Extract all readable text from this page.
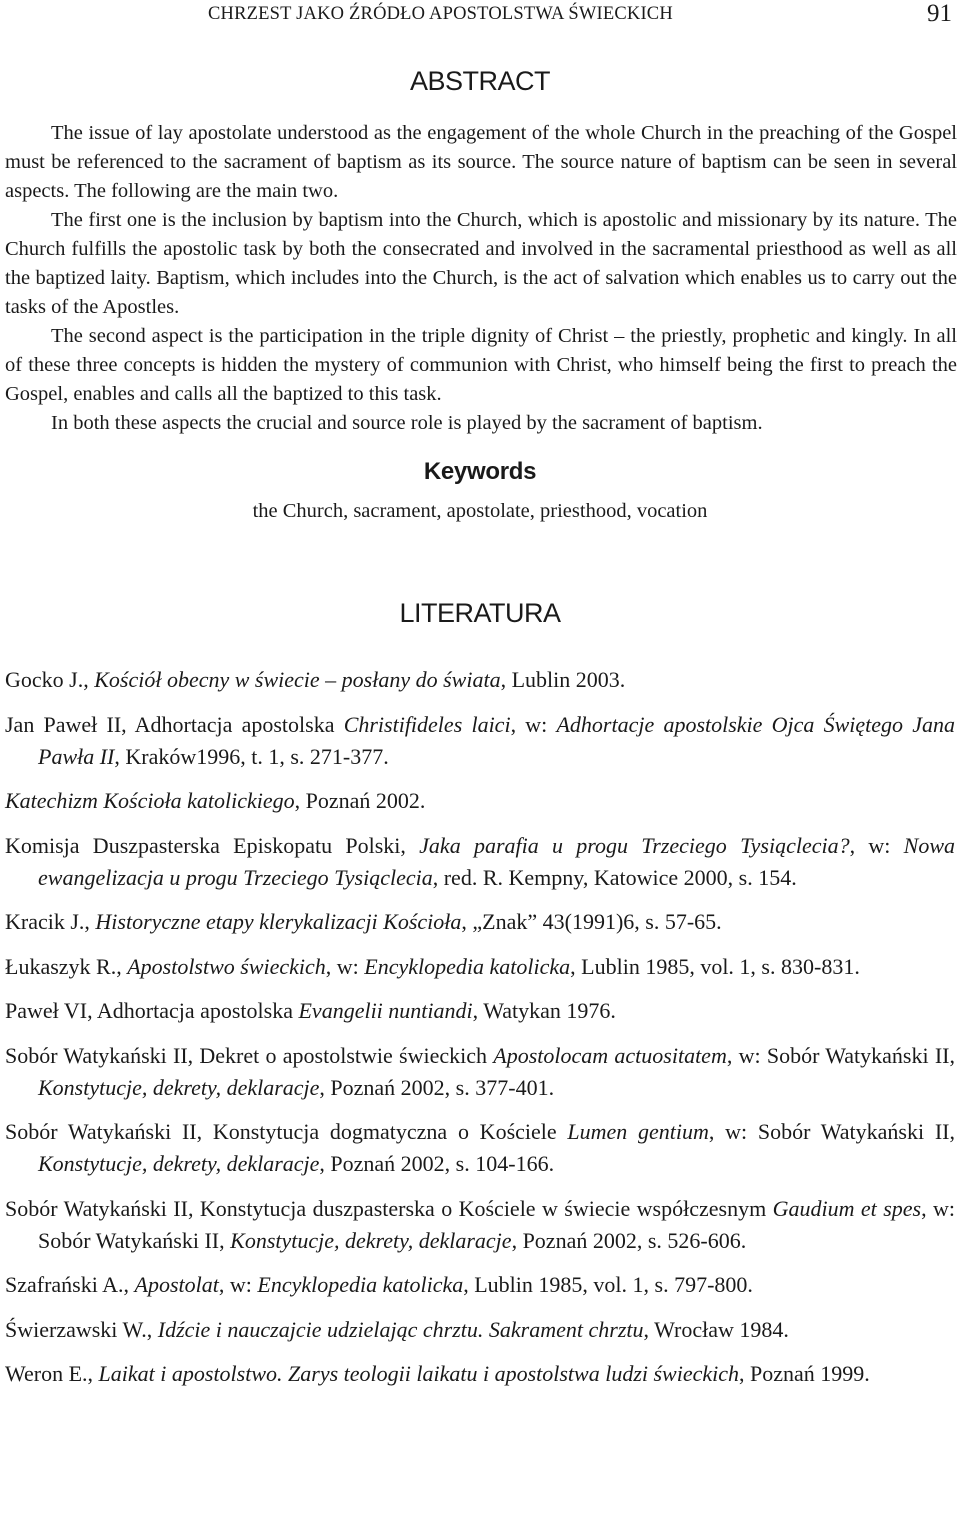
CHRZEST JAKO ŹRÓDŁO APOSTOLSTWA ŚWIECKICH	91
ABSTRACT

The issue of lay apostolate understood as the engagement of the whole Church in the preaching of the Gospel must be referenced to the sacrament of baptism as its source. The source nature of baptism can be seen in several aspects. The following are the main two.

The first one is the inclusion by baptism into the Church, which is apostolic and missionary by its nature. The Church fulfills the apostolic task by both the consecrated and involved in the sacramental priesthood as well as all the baptized laity. Baptism, which includes into the Church, is the act of salvation which enables us to carry out the tasks of the Apostles.

The second aspect is the participation in the triple dignity of Christ – the priestly, prophetic and kingly. In all of these three concepts is hidden the mystery of communion with Christ, who himself being the first to preach the Gospel, enables and calls all the baptized to this task.

In both these aspects the crucial and source role is played by the sacrament of baptism.

Keywords
the Church, sacrament, apostolate, priesthood, vocation
LITERATURA

Gocko J., Kościół obecny w świecie – posłany do świata, Lublin 2003.

Jan Paweł II, Adhortacja apostolska Christifideles laici, w: Adhortacje apostolskie Ojca Świętego Jana Pawła II, Kraków1996, t. 1, s. 271-377.

Katechizm Kościoła katolickiego, Poznań 2002.

Komisja Duszpasterska Episkopatu Polski, Jaka parafia u progu Trzeciego Tysiąclecia?, w: Nowa ewangelizacja u progu Trzeciego Tysiąclecia, red. R. Kempny, Katowice 2000, s. 154.

Kracik J., Historyczne etapy klerykalizacji Kościoła, „Znak” 43(1991)6, s. 57-65.

Łukaszyk R., Apostolstwo świeckich, w: Encyklopedia katolicka, Lublin 1985, vol. 1, s. 830-831.

Paweł VI, Adhortacja apostolska Evangelii nuntiandi, Watykan 1976.

Sobór Watykański II, Dekret o apostolstwie świeckich Apostolocam actuositatem, w: Sobór Watykański II, Konstytucje, dekrety, deklaracje, Poznań 2002, s. 377-401.

Sobór Watykański II, Konstytucja dogmatyczna o Kościele Lumen gentium, w: Sobór Watykański II, Konstytucje, dekrety, deklaracje, Poznań 2002, s. 104-166.

Sobór Watykański II, Konstytucja duszpasterska o Kościele w świecie współczesnym Gaudium et spes, w: Sobór Watykański II, Konstytucje, dekrety, deklaracje, Poznań 2002, s. 526-606.

Szafrański A., Apostolat, w: Encyklopedia katolicka, Lublin 1985, vol. 1, s. 797-800.

Świerzawski W., Idźcie i nauczajcie udzielając chrztu. Sakrament chrztu, Wrocław 1984.

Weron E., Laikat i apostolstwo. Zarys teologii laikatu i apostolstwa ludzi świeckich, Poznań 1999.
